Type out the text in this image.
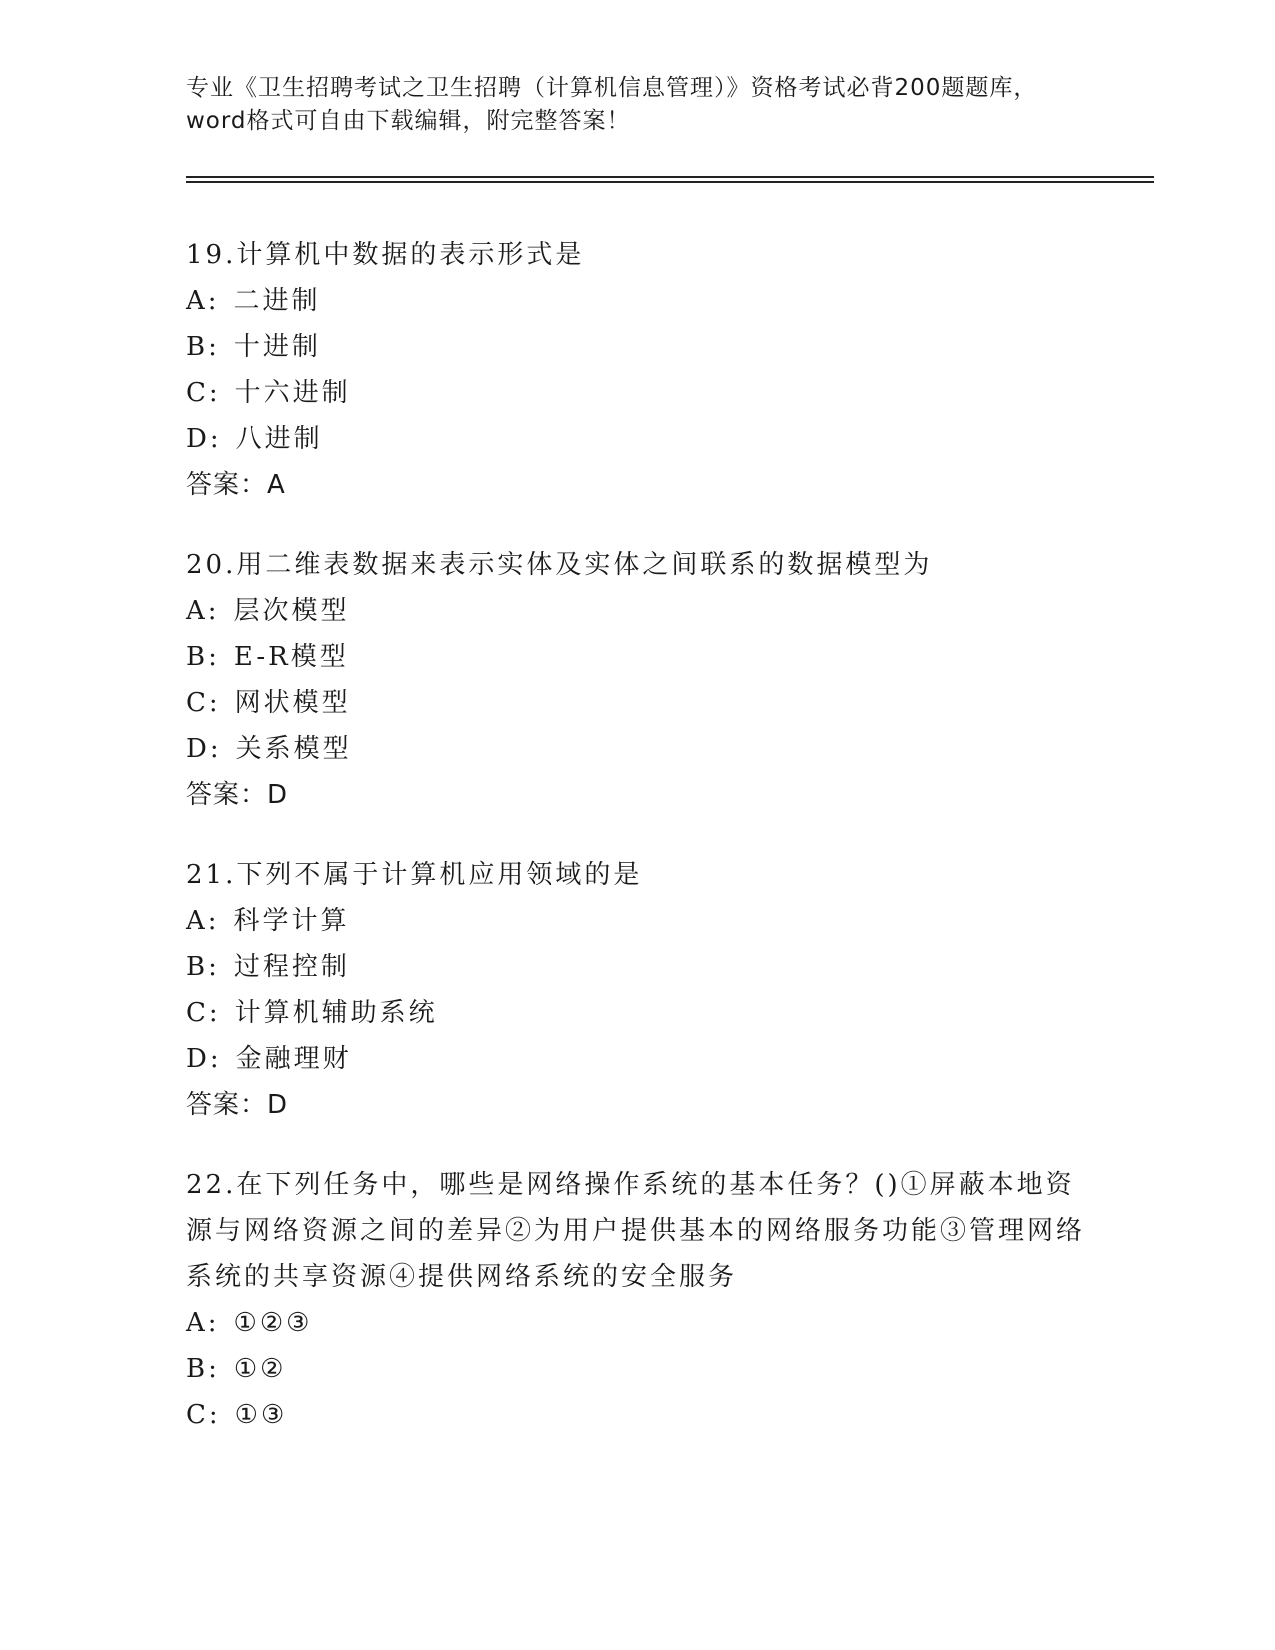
专业《卫生招聘考试之卫生招聘（计算机信息管理）》资格考试必背200题题库，
word格式可自由下载编辑，附完整答案！

19.计算机中数据的表示形式是

A: 二进制
B: 十进制
C: 十六进制
D: 八进制

答案：A

20.用二维表数据来表示实体及实体之间联系的数据模型为

A: 层次模型
B: E-R模型
C: 网状模型
D: 关系模型

答案：D

21.下列不属于计算机应用领域的是

A: 科学计算
B: 过程控制
C: 计算机辅助系统
D: 金融理财

答案：D

22.在下列任务中，哪些是网络操作系统的基本任务？()①屏蔽本地资源与网络资源之间的差异②为用户提供基本的网络服务功能③管理网络系统的共享资源④提供网络系统的安全服务

A: ①②③
B: ①②
C: ①③
